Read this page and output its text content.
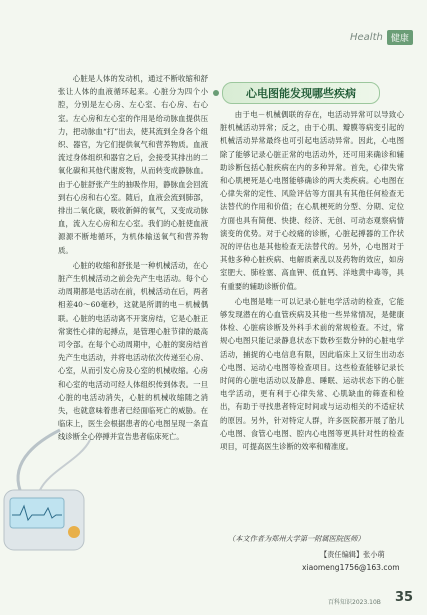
Health 健康

心脏是人体的发动机，通过不断收缩和舒张让人体的血液循环起来。心脏分为四个小腔，分别是左心房、左心室、右心房、右心室。左心房和左心室的作用是给动脉血提供压力，把动脉血“打”出去，使其流到全身各个组织、器官，为它们提供氧气和营养物质。血液流过身体组织和器官之后，会接受其排出的二氧化碳和其他代谢废物，从而转变成静脉血。由于心脏舒张产生的抽吸作用，静脉血会回流到右心房和右心室。随后，血液会流到肺部，排出二氧化碳，吸收新鲜的氧气，又变成动脉血，流入左心房和左心室。我们的心脏使血液源源不断地循环，为机体输送氧气和营养物质。

心脏的收缩和舒张是一种机械活动，在心脏产生机械活动之前会先产生电活动。每个心动周期都是电活动在前，机械活动在后，两者相差40～60毫秒，这就是所谓的电－机械偶联。心脏的电活动离不开窦房结，它是心脏正常窦性心律的起搏点，是管理心脏节律的最高司令部。在每个心动周期中，心脏的窦房结首先产生电活动，并将电活动依次传递至心房、心室，从而引发心房及心室的机械收缩。心房和心室的电活动可经人体组织传到体表。一旦心脏的电活动消失，心脏的机械收缩随之消失，也就意味着患者已经面临死亡的威胁。在临床上，医生会根据患者的心电图呈现一条直线诊断全心停搏并宣告患者临床死亡。

心电图能发现哪些疾病

由于电－机械偶联的存在，电活动异常可以导致心脏机械活动异常；反之，由于心肌、瓣膜等病变引起的机械活动异常最终也可引起电活动异常。因此，心电图除了能够记录心脏正常的电活动外，还可用来确诊和辅助诊断包括心脏疾病在内的多种异常。首先，心律失常和心肌梗死是心电图能够确诊的两大类疾病。心电图在心律失常的定性、风险评估等方面具有其他任何检查无法替代的作用和价值；在心肌梗死的分型、分期、定位方面也具有简便、快捷、经济、无创、可动态观察病情演变的优势。对于心绞痛的诊断，心脏起搏器的工作状况的评估也是其他检查无法替代的。另外，心电图对于其他多种心脏疾病、电解质紊乱以及药物的效应，如房室肥大、肺栓塞、高血钾、低血钙、洋地黄中毒等，具有重要的辅助诊断价值。

心电图是唯一可以记录心脏电学活动的检查，它能够发现潜在的心血管疾病及其他一些异常情况，是健康体检、心脏病诊断及外科手术前的常规检查。不过，常规心电图只能记录静息状态下数秒至数分钟的心脏电学活动，捕捉的心电信息有限，因此临床上又衍生出动态心电图、运动心电图等检查项目。这些检查能够记录长时间的心脏电活动以及静息、睡眠、运动状态下的心脏电学活动，更有利于心律失常、心肌缺血的筛查和检出，有助于寻找患者特定时间或与运动相关的不适症状的原因。另外，针对特定人群，许多医院都开展了胎儿心电图、食管心电图、腔内心电图等更具针对性的检查项目，可提高医生诊断的效率和精准度。

（本文作者为郑州大学第一附属医院医师）
【责任编辑】张小萌
xiaomeng1756@163.com
百科知识2023.10B 35
